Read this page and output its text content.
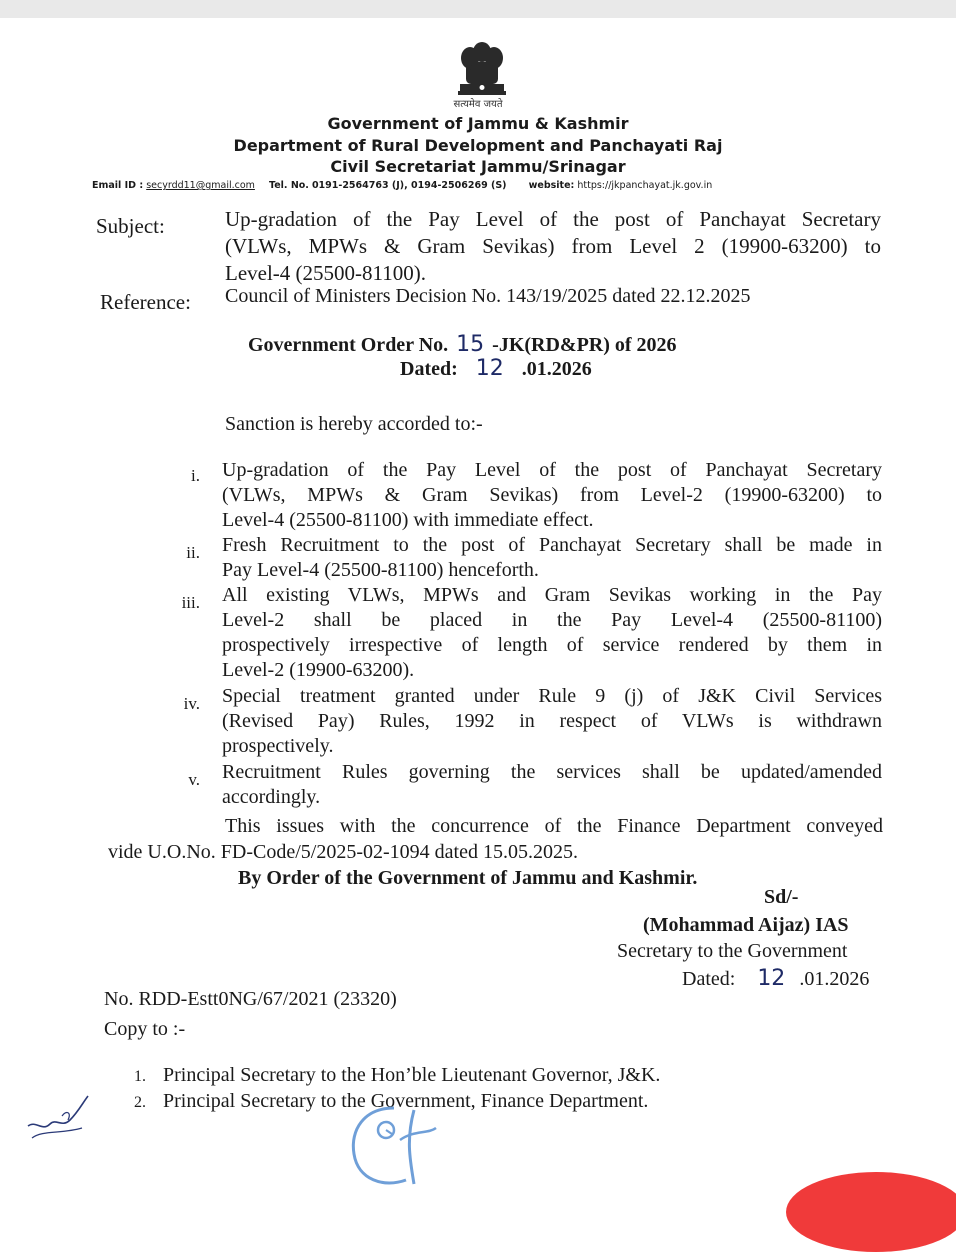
सत्यमेव जयते
Government of Jammu & Kashmir
Department of Rural Development and Panchayati Raj
Civil Secretariat Jammu/Srinagar
Email ID : secyrdd11@gmail.com Tel. No. 0191-2564763 (J), 0194-2506269 (S) website: https://jkpanchayat.jk.gov.in
Subject:	Up-gradation of the Pay Level of the post of Panchayat Secretary
(VLWs, MPWs & Gram Sevikas) from Level 2 (19900-63200) to
Level-4 (25500-81100).
Reference: Council of Ministers Decision No. 143/19/2025 dated 22.12.2025
Government Order No. 15 -JK(RD&PR) of 2026
Dated: 12 .01.2026
Sanction is hereby accorded to:-
i. Up-gradation of the Pay Level of the post of Panchayat Secretary
(VLWs, MPWs & Gram Sevikas) from Level-2 (19900-63200) to
Level-4 (25500-81100) with immediate effect.
ii. Fresh Recruitment to the post of Panchayat Secretary shall be made in
Pay Level-4 (25500-81100) henceforth.
iii. All existing VLWs, MPWs and Gram Sevikas working in the Pay
Level-2 shall be placed in the Pay Level-4 (25500-81100)
prospectively irrespective of length of service rendered by them in
Level-2 (19900-63200).
iv. Special treatment granted under Rule 9 (j) of J&K Civil Services
(Revised Pay) Rules, 1992 in respect of VLWs is withdrawn
prospectively.
v. Recruitment Rules governing the services shall be updated/amended
accordingly.
This issues with the concurrence of the Finance Department conveyed
vide U.O.No. FD-Code/5/2025-02-1094 dated 15.05.2025.
By Order of the Government of Jammu and Kashmir.
Sd/-
(Mohammad Aijaz) IAS
Secretary to the Government
Dated: 12 .01.2026
No. RDD-Estt0NG/67/2021 (23320)
Copy to :-
1. Principal Secretary to the Hon’ble Lieutenant Governor, J&K.
2. Principal Secretary to the Government, Finance Department.
